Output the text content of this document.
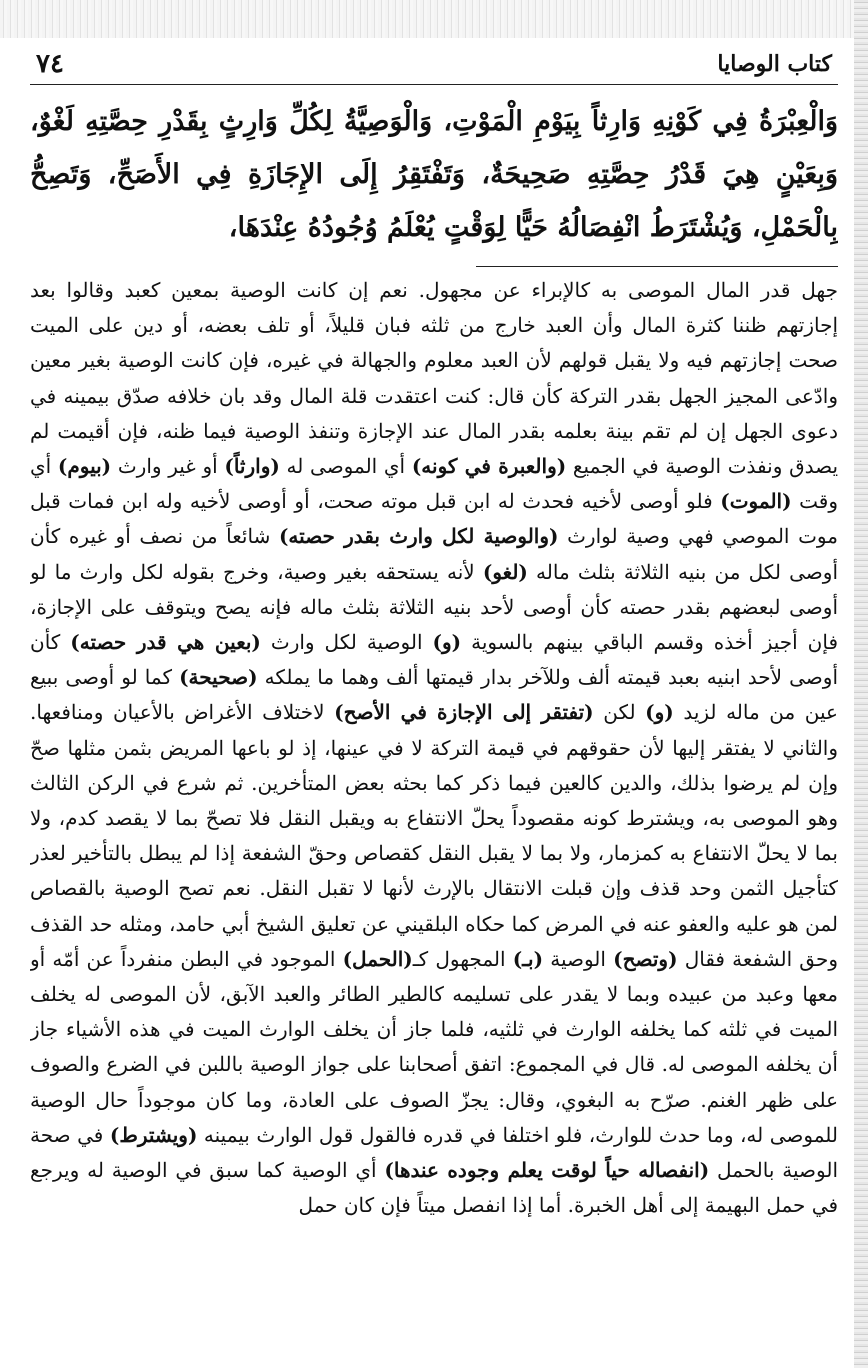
كتاب الوصايا
٧٤
وَالْعِبْرَةُ فِي كَوْنِهِ وَارِثاً بِيَوْمِ الْمَوْتِ، وَالْوَصِيَّةُ لِكُلِّ وَارِثٍ بِقَدْرِ حِصَّتِهِ لَغْوٌ، وَبِعَيْنٍ هِيَ قَدْرُ حِصَّتِهِ صَحِيحَةٌ، وَتَفْتَقِرُ إِلَى الإِجَازَةِ فِي الأَصَحِّ، وَتَصِحُّ بِالْحَمْلِ، وَيُشْتَرَطُ انْفِصَالُهُ حَيًّا لِوَقْتٍ يُعْلَمُ وُجُودُهُ عِنْدَهَا،

جهل قدر المال الموصى به كالإبراء عن مجهول. نعم إن كانت الوصية بمعين كعبد وقالوا بعد إجازتهم ظننا كثرة المال وأن العبد خارج من ثلثه فبان قليلاً، أو تلف بعضه، أو دين على الميت صحت إجازتهم فيه ولا يقبل قولهم لأن العبد معلوم والجهالة في غيره، فإن كانت الوصية بغير معين وادّعى المجيز الجهل بقدر التركة كأن قال: كنت اعتقدت قلة المال وقد بان خلافه صدّق بيمينه في دعوى الجهل إن لم تقم بينة بعلمه بقدر المال عند الإجازة وتنفذ الوصية فيما ظنه، فإن أقيمت لم يصدق ونفذت الوصية في الجميع (والعبرة في كونه) أي الموصى له (وارثاً) أو غير وارث (بيوم) أي وقت (الموت) فلو أوصى لأخيه فحدث له ابن قبل موته صحت، أو أوصى لأخيه وله ابن فمات قبل موت الموصي فهي وصية لوارث (والوصية لكل وارث بقدر حصته) شائعاً من نصف أو غيره كأن أوصى لكل من بنيه الثلاثة بثلث ماله (لغو) لأنه يستحقه بغير وصية، وخرج بقوله لكل وارث ما لو أوصى لبعضهم بقدر حصته كأن أوصى لأحد بنيه الثلاثة بثلث ماله فإنه يصح ويتوقف على الإجازة، فإن أجيز أخذه وقسم الباقي بينهم بالسوية (و) الوصية لكل وارث (بعين هي قدر حصته) كأن أوصى لأحد ابنيه بعبد قيمته ألف وللآخر بدار قيمتها ألف وهما ما يملكه (صحيحة) كما لو أوصى ببيع عين من ماله لزيد (و) لكن (تفتقر إلى الإجازة في الأصح) لاختلاف الأغراض بالأعيان ومنافعها. والثاني لا يفتقر إليها لأن حقوقهم في قيمة التركة لا في عينها، إذ لو باعها المريض بثمن مثلها صحّ وإن لم يرضوا بذلك، والدين كالعين فيما ذكر كما بحثه بعض المتأخرين. ثم شرع في الركن الثالث وهو الموصى به، ويشترط كونه مقصوداً يحلّ الانتفاع به ويقبل النقل فلا تصحّ بما لا يقصد كدم، ولا بما لا يحلّ الانتفاع به كمزمار، ولا بما لا يقبل النقل كقصاص وحقّ الشفعة إذا لم يبطل بالتأخير لعذر كتأجيل الثمن وحد قذف وإن قبلت الانتقال بالإرث لأنها لا تقبل النقل. نعم تصح الوصية بالقصاص لمن هو عليه والعفو عنه في المرض كما حكاه البلقيني عن تعليق الشيخ أبي حامد، ومثله حد القذف وحق الشفعة فقال (وتصح) الوصية (بـ) المجهول كـ(الحمل) الموجود في البطن منفرداً عن أمّه أو معها وعبد من عبيده وبما لا يقدر على تسليمه كالطير الطائر والعبد الآبق، لأن الموصى له يخلف الميت في ثلثه كما يخلفه الوارث في ثلثيه، فلما جاز أن يخلف الوارث الميت في هذه الأشياء جاز أن يخلفه الموصى له. قال في المجموع: اتفق أصحابنا على جواز الوصية باللبن في الضرع والصوف على ظهر الغنم. صرّح به البغوي، وقال: يجزّ الصوف على العادة، وما كان موجوداً حال الوصية للموصى له، وما حدث للوارث، فلو اختلفا في قدره فالقول قول الوارث بيمينه (ويشترط) في صحة الوصية بالحمل (انفصاله حياً لوقت يعلم وجوده عندها) أي الوصية كما سبق في الوصية له ويرجع في حمل البهيمة إلى أهل الخبرة. أما إذا انفصل ميتاً فإن كان حمل
